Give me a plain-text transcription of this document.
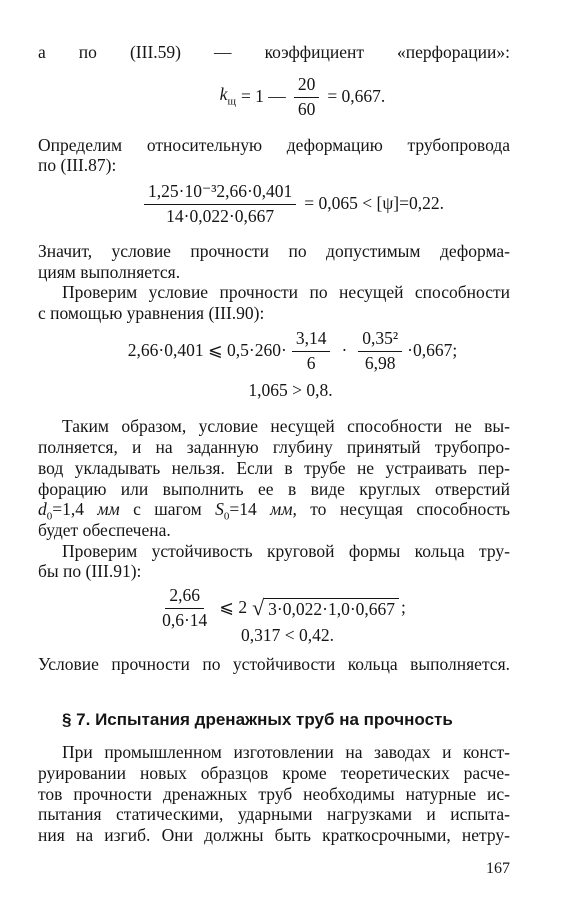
а по (III.59) — коэффициент «перфорации»:
$k_щ = 1$ — $\frac{20}{60} = 0,667$.
Определим относительную деформацию трубопровода
по (III.87):
$\frac{\text{1,25·10⁻³2,66·0,401}}{14\cdot 0,022\cdot 0,667} = 0,065 < [\psi]=0,22$.
Значит, условие прочности по допустимым деформа-
циям выполняется.
Проверим условие прочности по несущей способности
с помощью уравнения (III.90):
2,66·0,401 ⩽ $0,5\cdot 260\cdot \frac{3,14}{6} \cdot \frac{\text{0,35²}}{6,98} \cdot 0,667$;
1,065 > 0,8.
Таким образом, условие несущей способности не вы-
полняется, и на заданную глубину принятый трубопро-
вод укладывать нельзя. Если в трубе не устраивать пер-
форацию или выполнить ее в виде круглых отверстий
$d_0=1,4$ мм с шагом $S_0=14$ мм, то несущая способность
будет обеспечена.
Проверим устойчивость круговой формы кольца тру-
бы по (III.91):
$\frac{2,66}{0,6\cdot 14}$ ⩽ 2 √ 3·0,022·1,0·0,667 ;
0,317 < 0,42.
Условие прочности по устойчивости кольца выполняется.
§ 7. Испытания дренажных труб на прочность
При промышленном изготовлении на заводах и конст-
руировании новых образцов кроме теоретических расче-
тов прочности дренажных труб необходимы натурные ис-
пытания статическими, ударными нагрузками и испыта-
ния на изгиб. Они должны быть краткосрочными, нетру-
167
